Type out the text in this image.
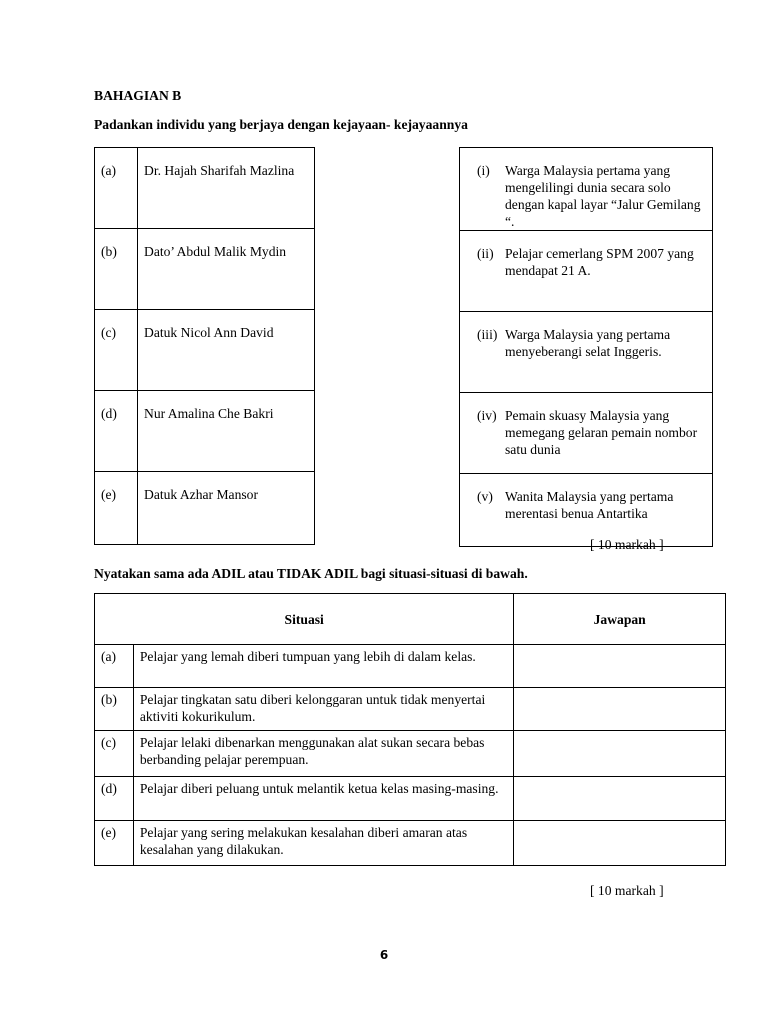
BAHAGIAN B
Padankan individu yang berjaya dengan kejayaan- kejayaannya
(a)	Dr. Hajah Sharifah Mazlina
(b)	Dato’ Abdul Malik Mydin
(c)	Datuk Nicol Ann David
(d)	Nur Amalina Che Bakri
(e)	Datuk Azhar Mansor
(i)	Warga Malaysia pertama yang mengelilingi dunia secara solo dengan kapal layar “Jalur Gemilang “.

(ii) Pelajar cemerlang SPM 2007 yang mendapat 21 A.

(iii) Warga Malaysia yang pertama menyeberangi selat Inggeris.

(iv) Pemain skuasy Malaysia yang memegang gelaran pemain nombor satu dunia

(v) Wanita Malaysia yang pertama merentasi benua Antartika
[ 10 markah ]
Nyatakan sama ada ADIL atau TIDAK ADIL bagi situasi-situasi di bawah.
Situasi		Jawapan
(a)	Pelajar yang lemah diberi tumpuan yang lebih di dalam kelas.	
(b)	Pelajar tingkatan satu diberi kelonggaran untuk tidak menyertai aktiviti kokurikulum.	
(c)	Pelajar lelaki dibenarkan menggunakan alat sukan secara bebas berbanding pelajar perempuan.	
(d)	Pelajar diberi peluang untuk melantik ketua kelas masing-masing.	
(e)	Pelajar yang sering melakukan kesalahan diberi amaran atas kesalahan yang dilakukan.	
[ 10 markah ]
6
